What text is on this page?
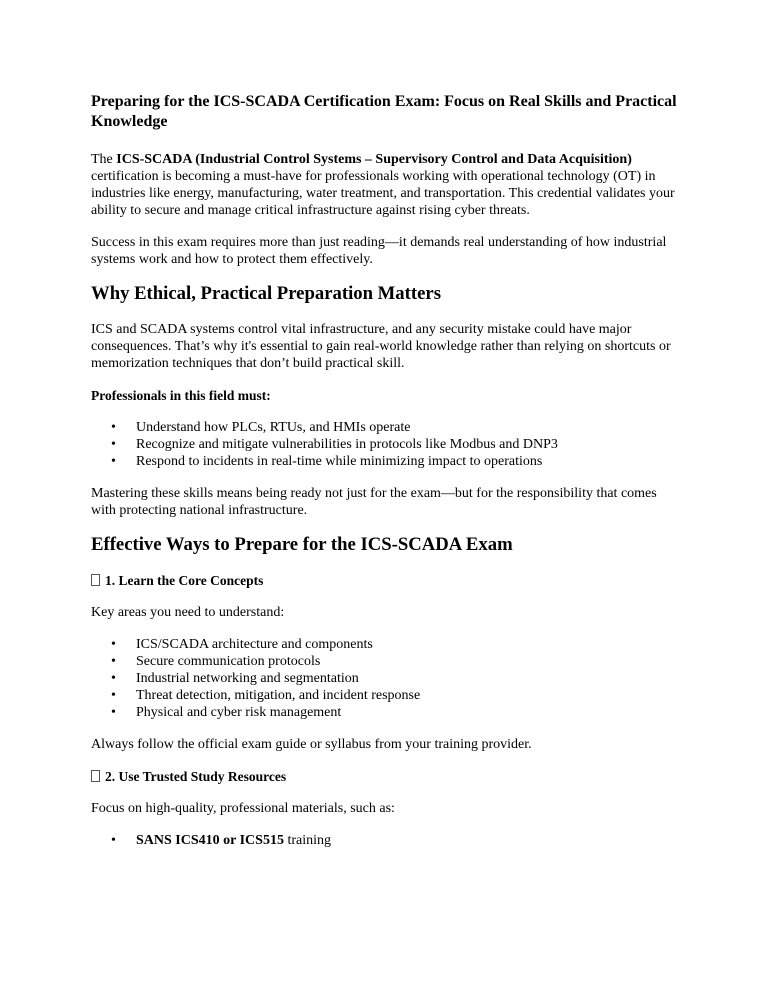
Preparing for the ICS-SCADA Certification Exam: Focus on Real Skills and Practical Knowledge

The ICS-SCADA (Industrial Control Systems – Supervisory Control and Data Acquisition) certification is becoming a must-have for professionals working with operational technology (OT) in industries like energy, manufacturing, water treatment, and transportation. This credential validates your ability to secure and manage critical infrastructure against rising cyber threats.

Success in this exam requires more than just reading—it demands real understanding of how industrial systems work and how to protect them effectively.

Why Ethical, Practical Preparation Matters

ICS and SCADA systems control vital infrastructure, and any security mistake could have major consequences. That’s why it's essential to gain real-world knowledge rather than relying on shortcuts or memorization techniques that don’t build practical skill.

Professionals in this field must:

• Understand how PLCs, RTUs, and HMIs operate
• Recognize and mitigate vulnerabilities in protocols like Modbus and DNP3
• Respond to incidents in real-time while minimizing impact to operations

Mastering these skills means being ready not just for the exam—but for the responsibility that comes with protecting national infrastructure.

Effective Ways to Prepare for the ICS-SCADA Exam

1. Learn the Core Concepts

Key areas you need to understand:

• ICS/SCADA architecture and components
• Secure communication protocols
• Industrial networking and segmentation
• Threat detection, mitigation, and incident response
• Physical and cyber risk management

Always follow the official exam guide or syllabus from your training provider.

2. Use Trusted Study Resources

Focus on high-quality, professional materials, such as:

• SANS ICS410 or ICS515 training
